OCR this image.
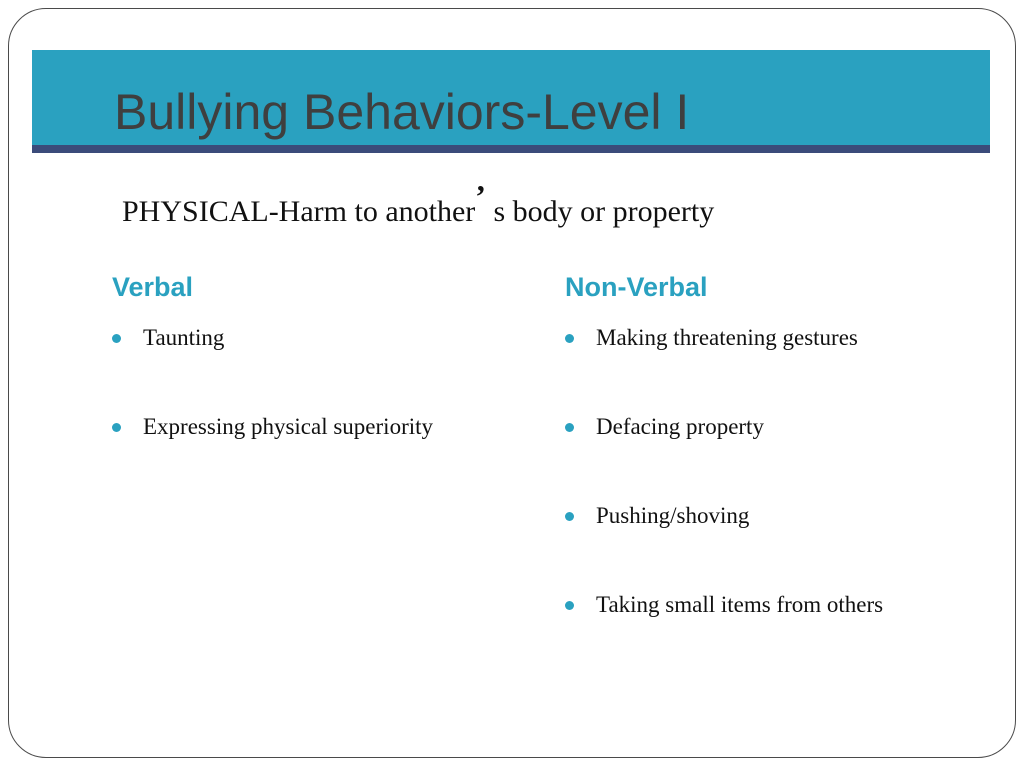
Bullying Behaviors-Level I
PHYSICAL-Harm to another’ s body or property
Verbal
Taunting
Expressing physical superiority
Non-Verbal
Making threatening gestures
Defacing property
Pushing/shoving
Taking small items from others
